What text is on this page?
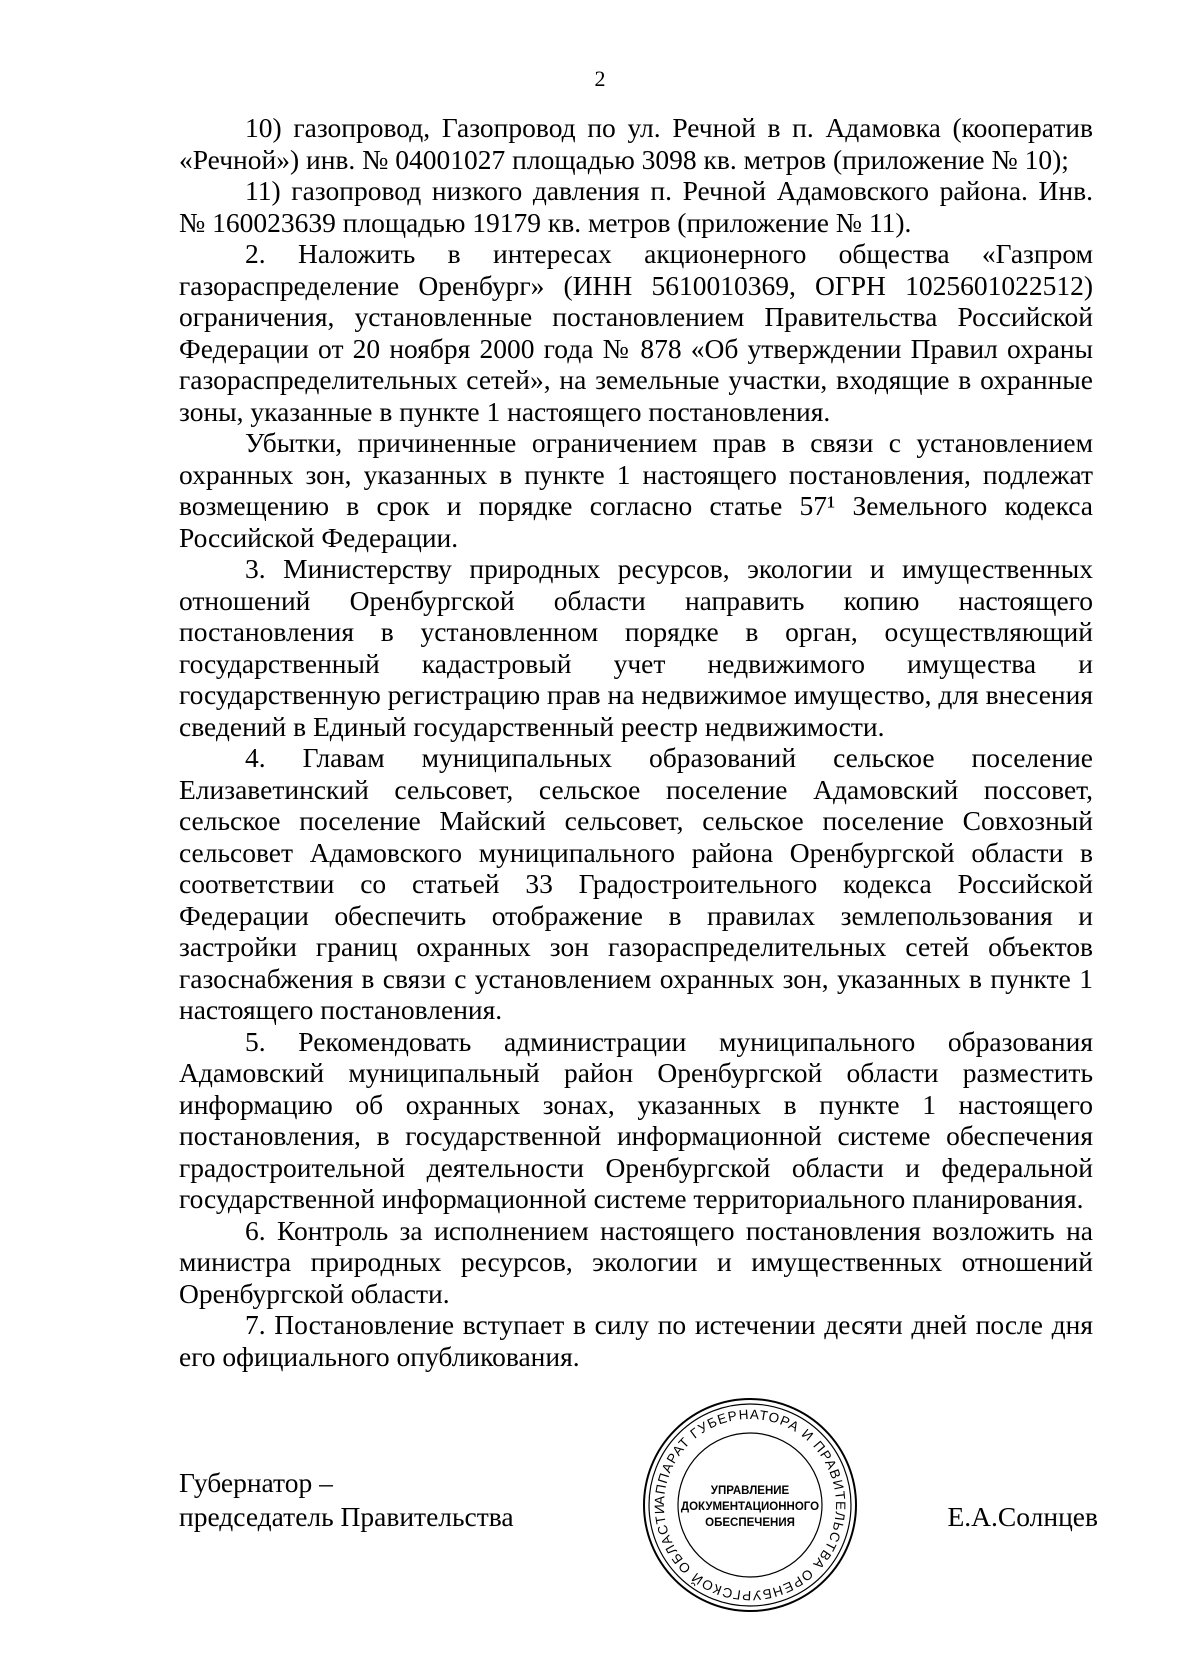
2

10) газопровод, Газопровод по ул. Речной в п. Адамовка (кооператив «Речной») инв. № 04001027 площадью 3098 кв. метров (приложение № 10);

11) газопровод низкого давления п. Речной Адамовского района. Инв. № 160023639 площадью 19179 кв. метров (приложение № 11).

2. Наложить в интересах акционерного общества «Газпром газораспределение Оренбург» (ИНН 5610010369, ОГРН 1025601022512) ограничения, установленные постановлением Правительства Российской Федерации от 20 ноября 2000 года № 878 «Об утверждении Правил охраны газораспределительных сетей», на земельные участки, входящие в охранные зоны, указанные в пункте 1 настоящего постановления.

Убытки, причиненные ограничением прав в связи с установлением охранных зон, указанных в пункте 1 настоящего постановления, подлежат возмещению в срок и порядке согласно статье 57¹ Земельного кодекса Российской Федерации.

3. Министерству природных ресурсов, экологии и имущественных отношений Оренбургской области направить копию настоящего постановления в установленном порядке в орган, осуществляющий государственный кадастровый учет недвижимого имущества и государственную регистрацию прав на недвижимое имущество, для внесения сведений в Единый государственный реестр недвижимости.

4. Главам муниципальных образований сельское поселение Елизаветинский сельсовет, сельское поселение Адамовский поссовет, сельское поселение Майский сельсовет, сельское поселение Совхозный сельсовет Адамовского муниципального района Оренбургской области в соответствии со статьей 33 Градостроительного кодекса Российской Федерации обеспечить отображение в правилах землепользования и застройки границ охранных зон газораспределительных сетей объектов газоснабжения в связи с установлением охранных зон, указанных в пункте 1 настоящего постановления.

5. Рекомендовать администрации муниципального образования Адамовский муниципальный район Оренбургской области разместить информацию об охранных зонах, указанных в пункте 1 настоящего постановления, в государственной информационной системе обеспечения градостроительной деятельности Оренбургской области и федеральной государственной информационной системе территориального планирования.

6. Контроль за исполнением настоящего постановления возложить на министра природных ресурсов, экологии и имущественных отношений Оренбургской области.

7. Постановление вступает в силу по истечении десяти дней после дня его официального опубликования.

Губернатор –
председатель Правительства
АППАРАТ ГУБЕРНАТОРА И ПРАВИТЕЛЬСТВА ОРЕНБУРГСКОЙ ОБЛАСТИ
УПРАВЛЕНИЕ
ДОКУМЕНТАЦИОННОГО
ОБЕСПЕЧЕНИЯ	Е.А.Солнцев
